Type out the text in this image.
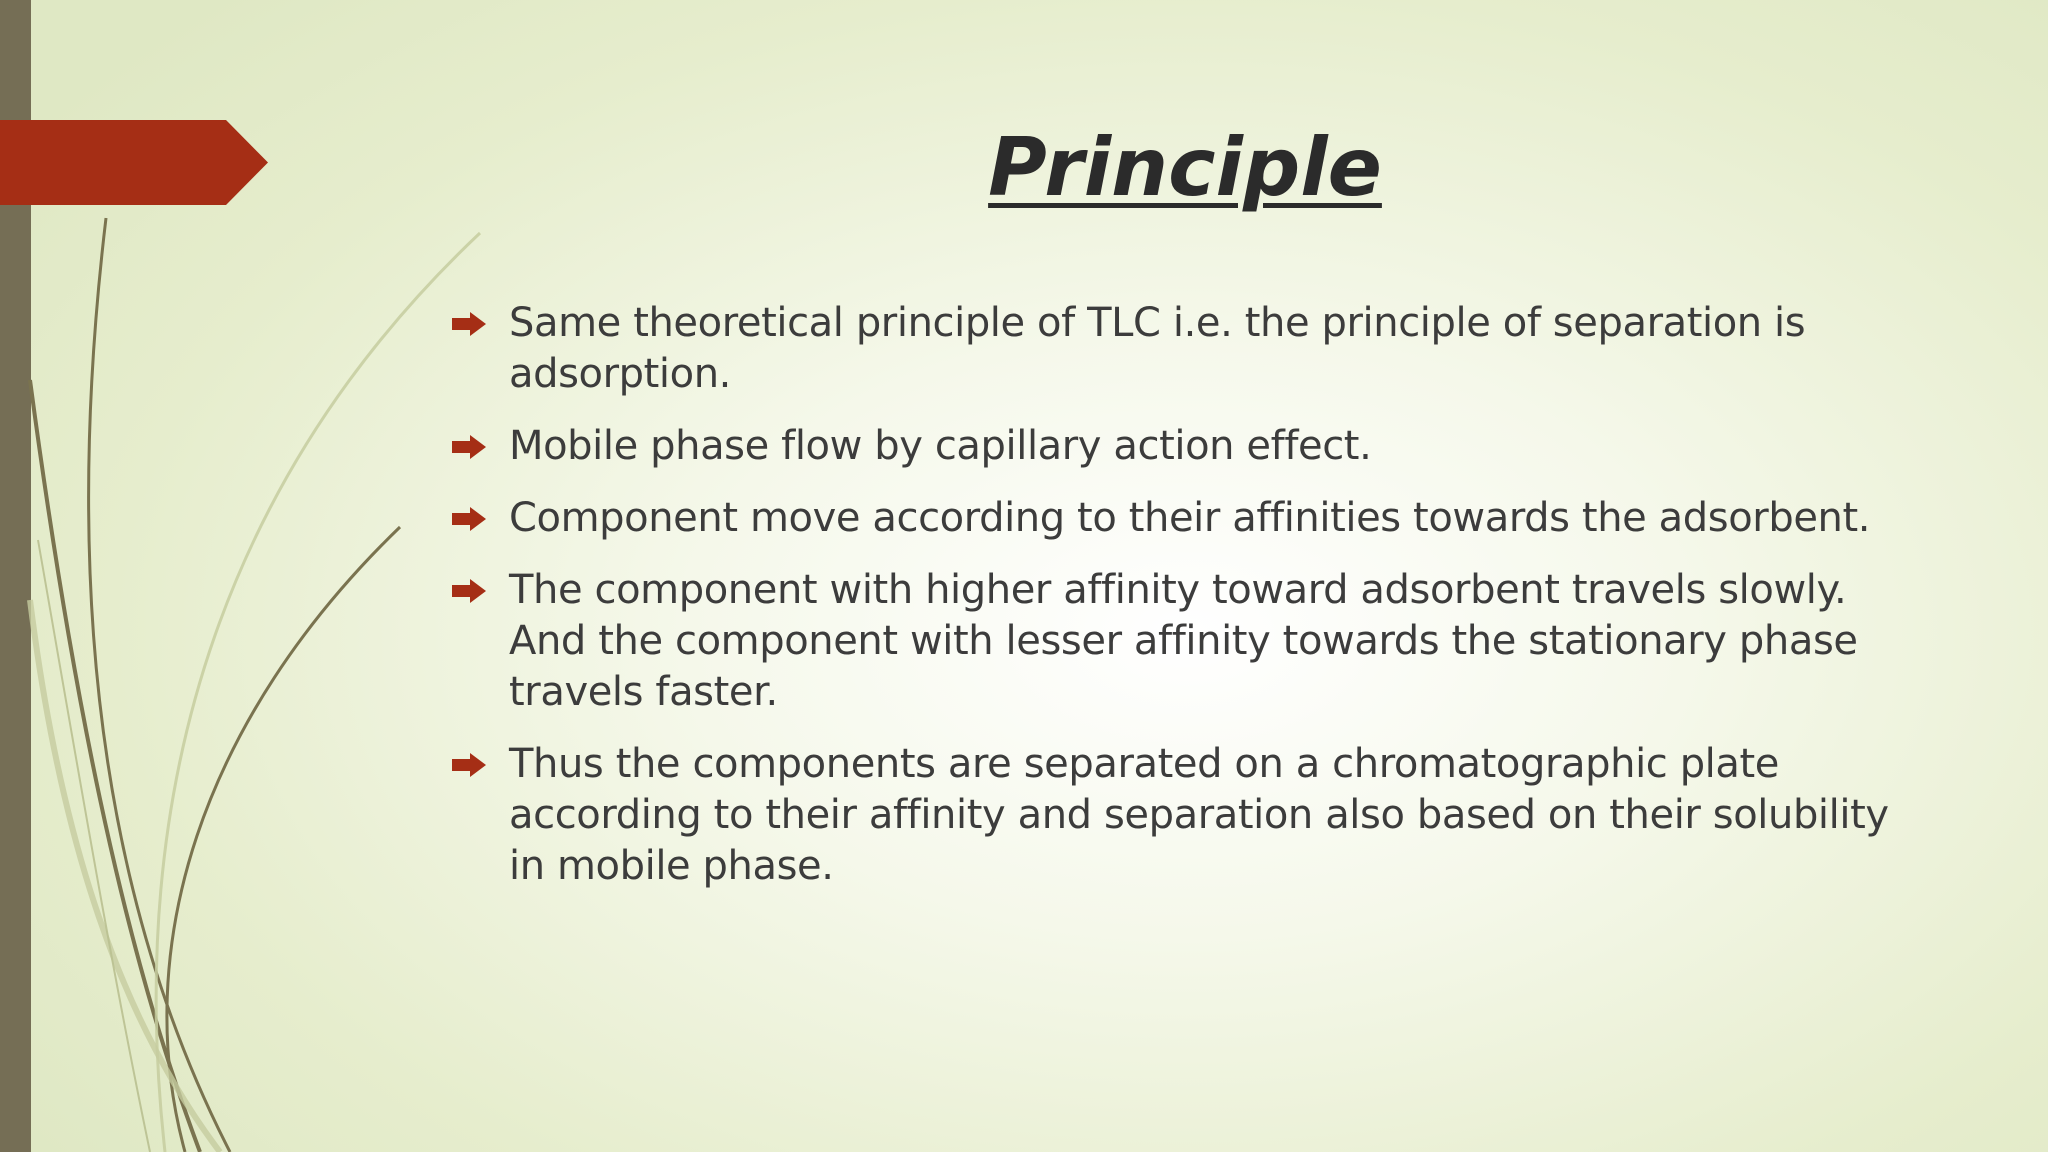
Principle
Same theoretical principle of TLC i.e. the principle of separation is adsorption.
Mobile phase flow by capillary action effect.
Component move according to their affinities towards the adsorbent.
The component with higher affinity toward adsorbent travels slowly. And the component with lesser affinity towards the stationary phase travels faster.
Thus the components are separated on a chromatographic plate according to their affinity and separation also based on their solubility in mobile phase.
